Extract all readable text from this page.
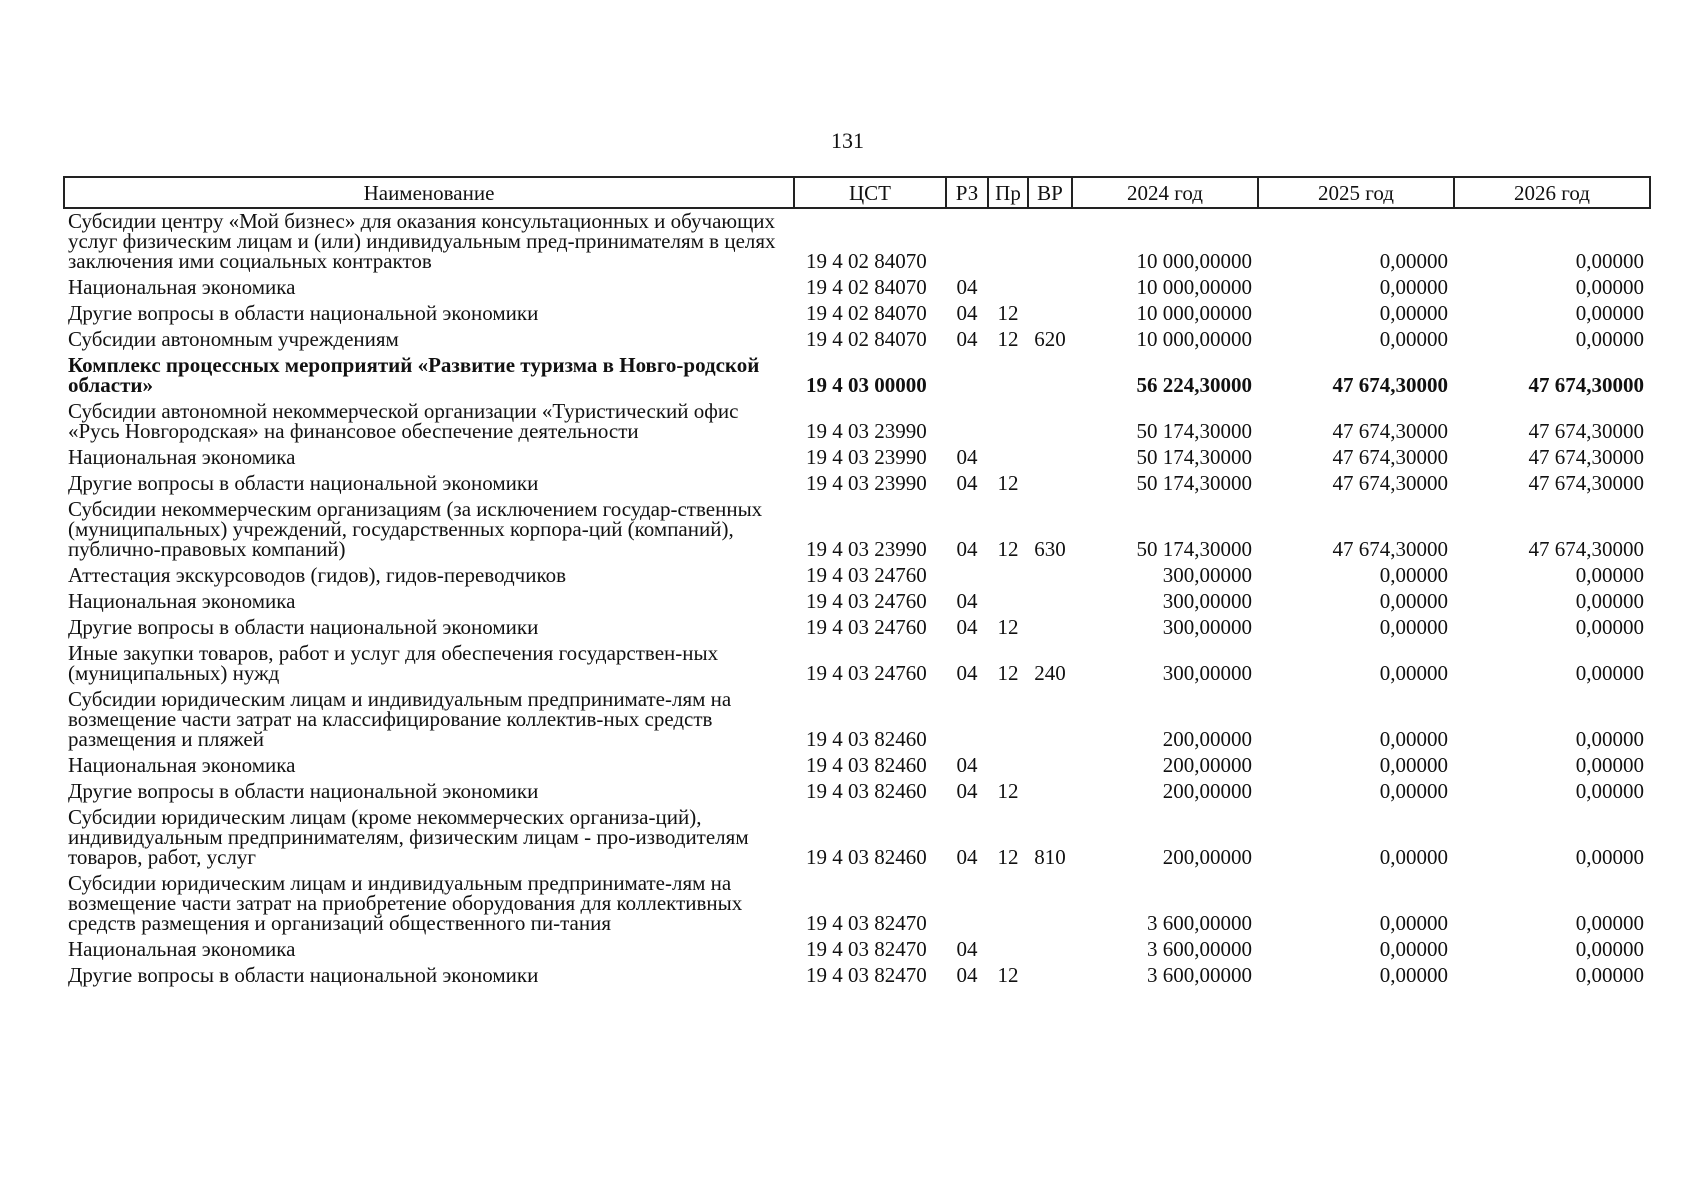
131
Наименование	ЦСТ	РЗ	Пр	ВР	2024 год	2025 год	2026 год
Субсидии центру «Мой бизнес» для оказания консультационных и обучающих услуг физическим лицам и (или) индивидуальным пред-принимателям в целях заключения ими социальных контрактов	19 4 02 84070				10 000,00000	0,00000	0,00000
Национальная экономика	19 4 02 84070	04			10 000,00000	0,00000	0,00000
Другие вопросы в области национальной экономики	19 4 02 84070	04	12		10 000,00000	0,00000	0,00000
Субсидии автономным учреждениям	19 4 02 84070	04	12	620	10 000,00000	0,00000	0,00000
Комплекс процессных мероприятий «Развитие туризма в Новго-родской области»	19 4 03 00000				56 224,30000	47 674,30000	47 674,30000
Субсидии автономной некоммерческой организации «Туристический офис «Русь Новгородская» на финансовое обеспечение деятельности	19 4 03 23990				50 174,30000	47 674,30000	47 674,30000
Национальная экономика	19 4 03 23990	04			50 174,30000	47 674,30000	47 674,30000
Другие вопросы в области национальной экономики	19 4 03 23990	04	12		50 174,30000	47 674,30000	47 674,30000
Субсидии некоммерческим организациям (за исключением государ-ственных (муниципальных) учреждений, государственных корпора-ций (компаний), публично-правовых компаний)	19 4 03 23990	04	12	630	50 174,30000	47 674,30000	47 674,30000
Аттестация экскурсоводов (гидов), гидов-переводчиков	19 4 03 24760				300,00000	0,00000	0,00000
Национальная экономика	19 4 03 24760	04			300,00000	0,00000	0,00000
Другие вопросы в области национальной экономики	19 4 03 24760	04	12		300,00000	0,00000	0,00000
Иные закупки товаров, работ и услуг для обеспечения государствен-ных (муниципальных) нужд	19 4 03 24760	04	12	240	300,00000	0,00000	0,00000
Субсидии юридическим лицам и индивидуальным предпринимате-лям на возмещение части затрат на классифицирование коллектив-ных средств размещения и пляжей	19 4 03 82460				200,00000	0,00000	0,00000
Национальная экономика	19 4 03 82460	04			200,00000	0,00000	0,00000
Другие вопросы в области национальной экономики	19 4 03 82460	04	12		200,00000	0,00000	0,00000
Субсидии юридическим лицам (кроме некоммерческих организа-ций), индивидуальным предпринимателям, физическим лицам - про-изводителям товаров, работ, услуг	19 4 03 82460	04	12	810	200,00000	0,00000	0,00000
Субсидии юридическим лицам и индивидуальным предпринимате-лям на возмещение части затрат на приобретение оборудования для коллективных средств размещения и организаций общественного пи-тания	19 4 03 82470				3 600,00000	0,00000	0,00000
Национальная экономика	19 4 03 82470	04			3 600,00000	0,00000	0,00000
Другие вопросы в области национальной экономики	19 4 03 82470	04	12		3 600,00000	0,00000	0,00000
